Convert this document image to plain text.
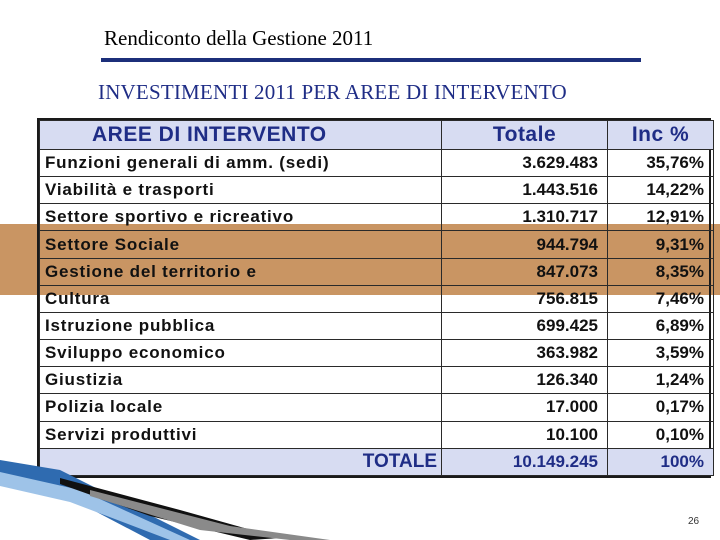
Rendiconto della Gestione 2011
INVESTIMENTI 2011 PER AREE DI INTERVENTO
AREE DI INTERVENTO	Totale	Inc %
Funzioni generali di amm. (sedi)	3.629.483	35,76%
Viabilità e trasporti	1.443.516	14,22%
Settore sportivo e ricreativo	1.310.717	12,91%
Settore Sociale	944.794	9,31%
Gestione del territorio e	847.073	8,35%
Cultura	756.815	7,46%
Istruzione pubblica	699.425	6,89%
Sviluppo economico	363.982	3,59%
Giustizia	126.340	1,24%
Polizia locale	17.000	0,17%
Servizi produttivi	10.100	0,10%
TOTALE	10.149.245	100%
26
